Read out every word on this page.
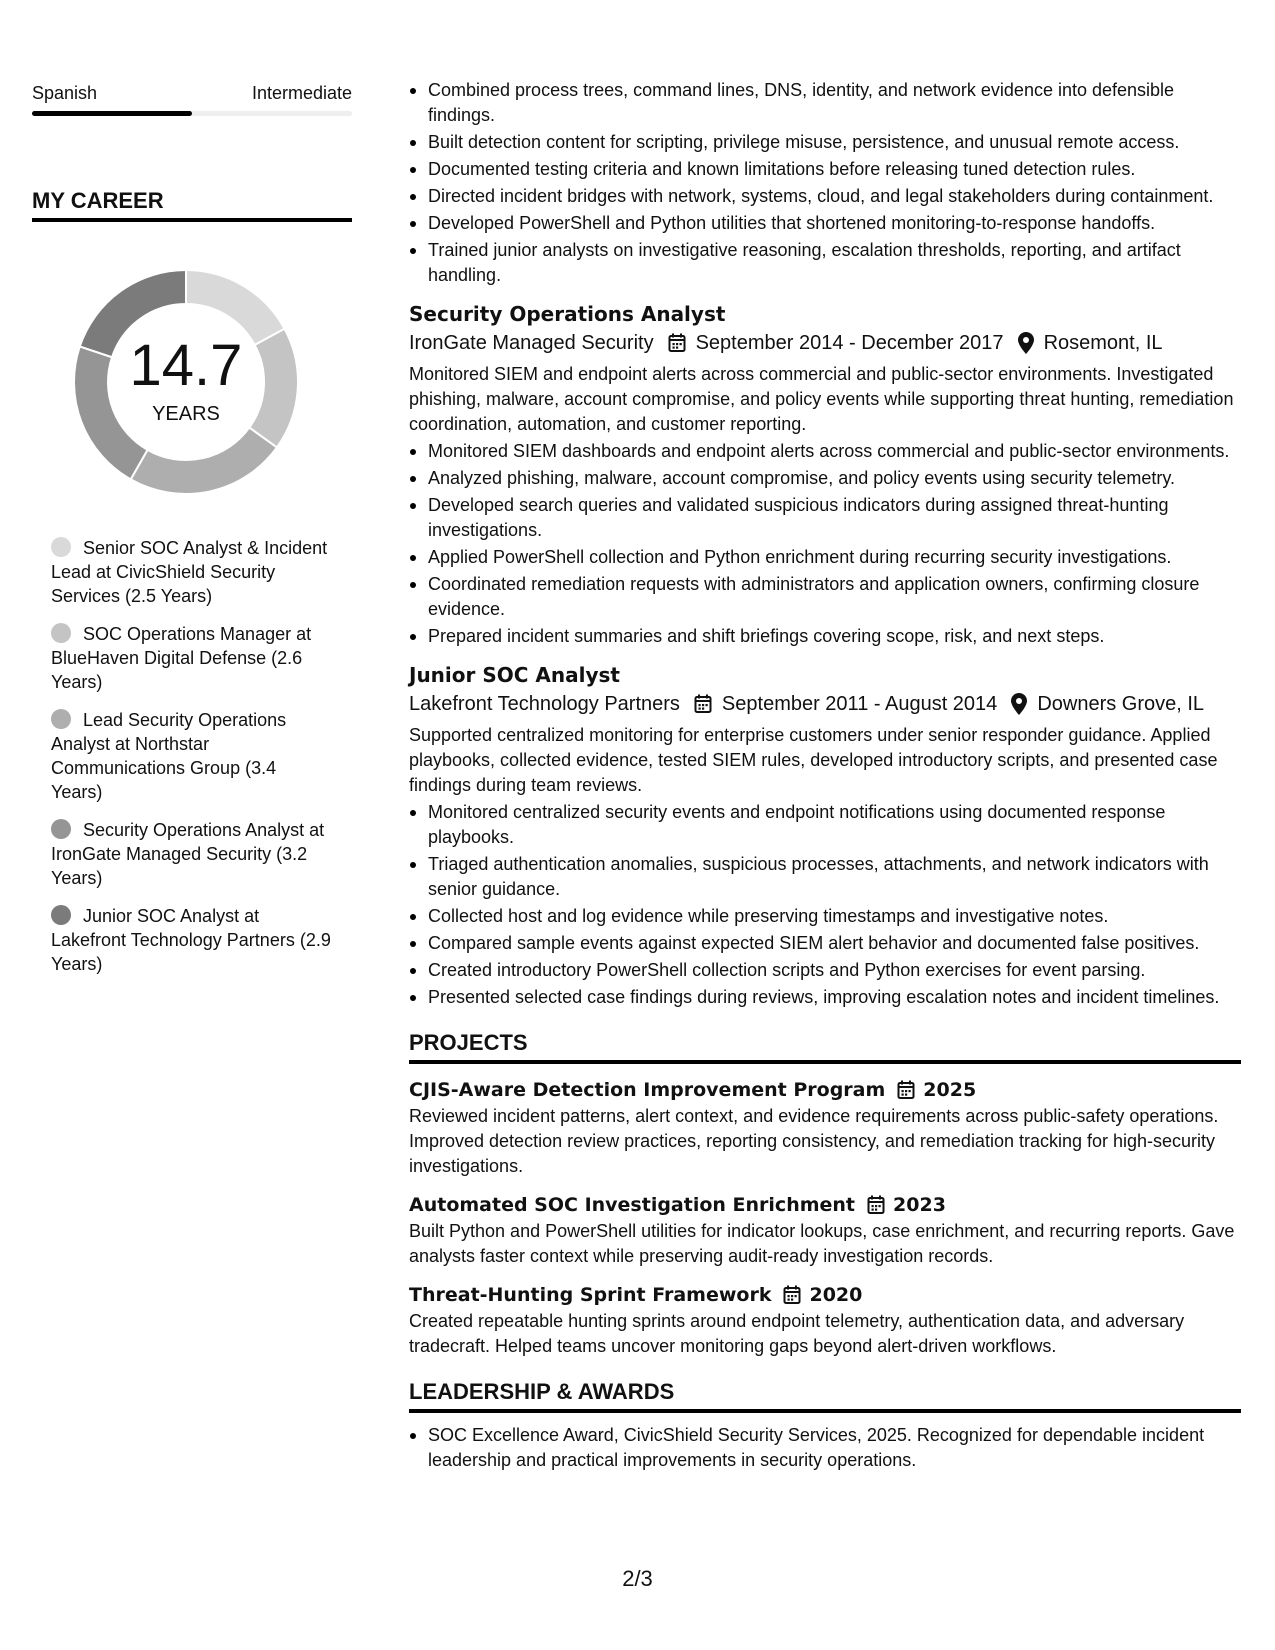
Spanish	Intermediate
MY CAREER
14.7
YEARS
Senior SOC Analyst & Incident Lead at CivicShield Security Services (2.5 Years)
SOC Operations Manager at BlueHaven Digital Defense (2.6 Years)
Lead Security Operations Analyst at Northstar Communications Group (3.4 Years)
Security Operations Analyst at IronGate Managed Security (3.2 Years)
Junior SOC Analyst at Lakefront Technology Partners (2.9 Years)
Combined process trees, command lines, DNS, identity, and network evidence into defensible findings.
Built detection content for scripting, privilege misuse, persistence, and unusual remote access.
Documented testing criteria and known limitations before releasing tuned detection rules.
Directed incident bridges with network, systems, cloud, and legal stakeholders during containment.
Developed PowerShell and Python utilities that shortened monitoring-to-response handoffs.
Trained junior analysts on investigative reasoning, escalation thresholds, reporting, and artifact handling.
Security Operations Analyst
IronGate Managed Security September 2014 - December 2017 Rosemont, IL
Monitored SIEM and endpoint alerts across commercial and public-sector environments. Investigated phishing, malware, account compromise, and policy events while supporting threat hunting, remediation coordination, automation, and customer reporting.
Monitored SIEM dashboards and endpoint alerts across commercial and public-sector environments.
Analyzed phishing, malware, account compromise, and policy events using security telemetry.
Developed search queries and validated suspicious indicators during assigned threat-hunting investigations.
Applied PowerShell collection and Python enrichment during recurring security investigations.
Coordinated remediation requests with administrators and application owners, confirming closure evidence.
Prepared incident summaries and shift briefings covering scope, risk, and next steps.
Junior SOC Analyst
Lakefront Technology Partners September 2011 - August 2014 Downers Grove, IL
Supported centralized monitoring for enterprise customers under senior responder guidance. Applied playbooks, collected evidence, tested SIEM rules, developed introductory scripts, and presented case findings during team reviews.
Monitored centralized security events and endpoint notifications using documented response playbooks.
Triaged authentication anomalies, suspicious processes, attachments, and network indicators with senior guidance.
Collected host and log evidence while preserving timestamps and investigative notes.
Compared sample events against expected SIEM alert behavior and documented false positives.
Created introductory PowerShell collection scripts and Python exercises for event parsing.
Presented selected case findings during reviews, improving escalation notes and incident timelines.
PROJECTS
CJIS-Aware Detection Improvement Program 2025
Reviewed incident patterns, alert context, and evidence requirements across public-safety operations. Improved detection review practices, reporting consistency, and remediation tracking for high-security investigations.
Automated SOC Investigation Enrichment 2023
Built Python and PowerShell utilities for indicator lookups, case enrichment, and recurring reports. Gave analysts faster context while preserving audit-ready investigation records.
Threat-Hunting Sprint Framework 2020
Created repeatable hunting sprints around endpoint telemetry, authentication data, and adversary tradecraft. Helped teams uncover monitoring gaps beyond alert-driven workflows.
LEADERSHIP & AWARDS
SOC Excellence Award, CivicShield Security Services, 2025. Recognized for dependable incident leadership and practical improvements in security operations.
2/3
